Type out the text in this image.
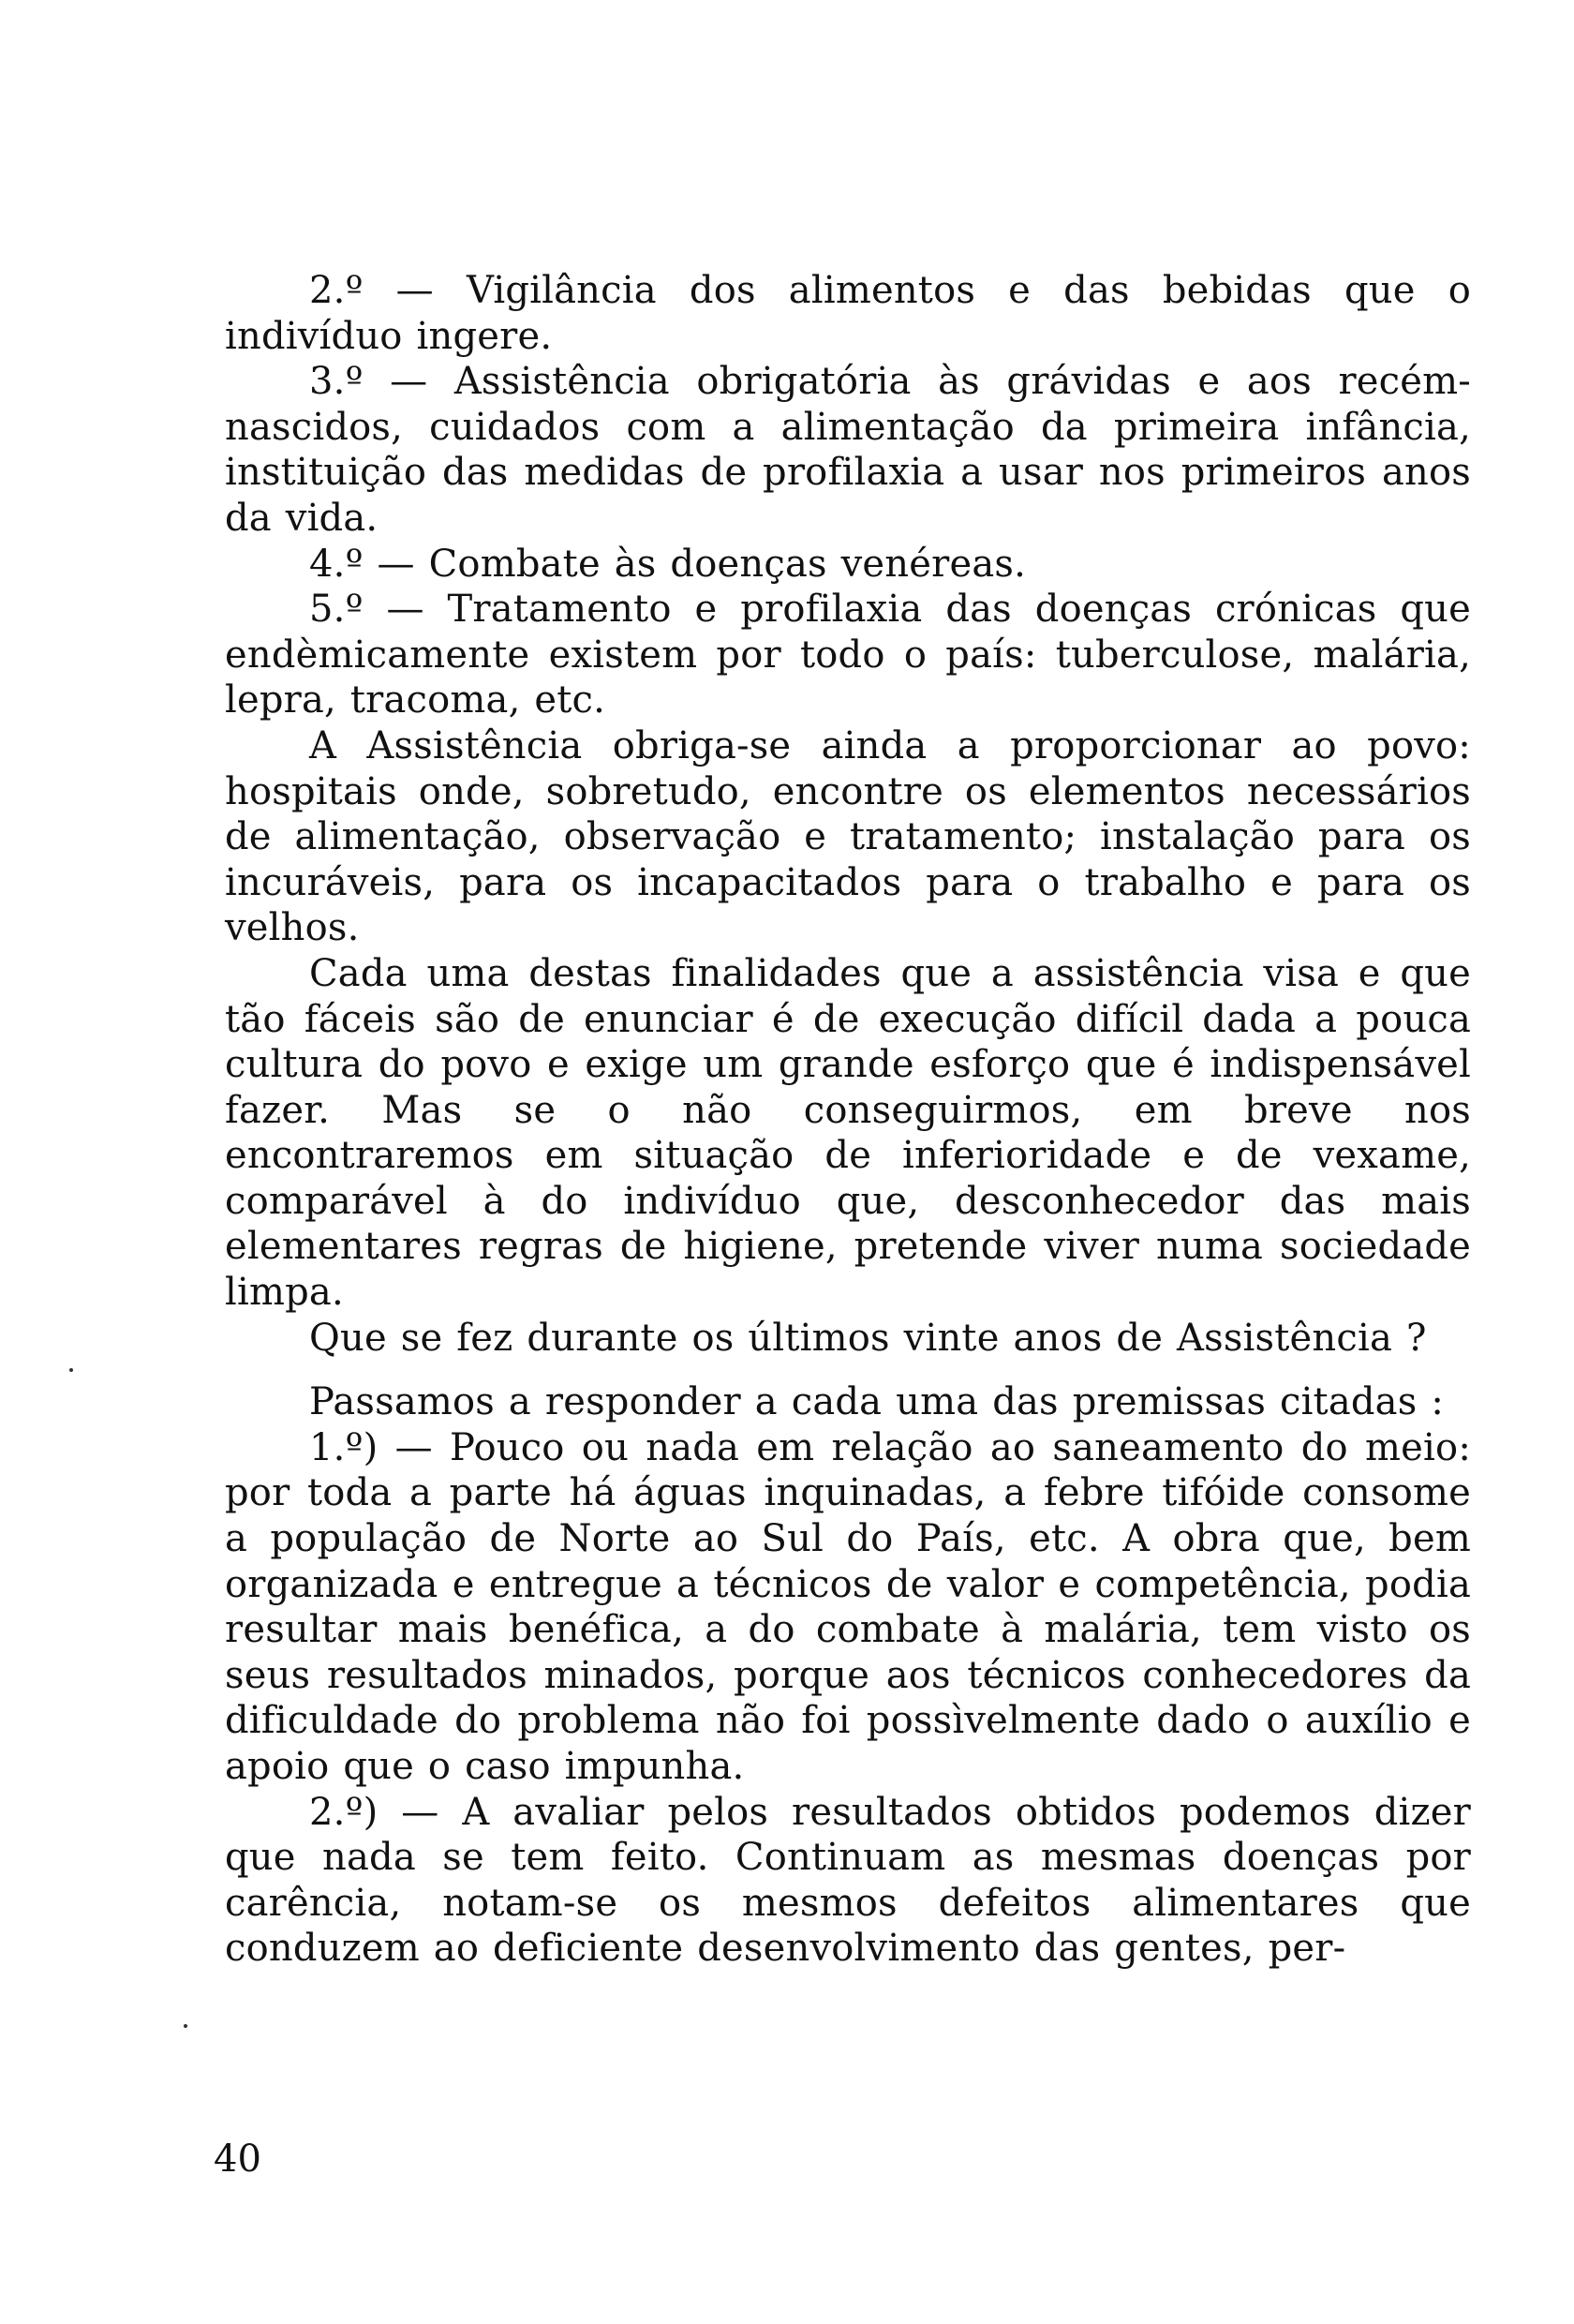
2.º — Vigilância dos alimentos e das bebidas que o indivíduo ingere.

3.º — Assistência obrigatória às grávidas e aos recém-nascidos, cuidados com a alimentação da primeira infância, instituição das medidas de profilaxia a usar nos primeiros anos da vida.

4.º — Combate às doenças venéreas.

5.º — Tratamento e profilaxia das doenças crónicas que endèmicamente existem por todo o país: tuberculose, malária, lepra, tracoma, etc.

A Assistência obriga-se ainda a proporcionar ao povo: hospitais onde, sobretudo, encontre os elementos necessários de alimentação, observação e tratamento; instalação para os incuráveis, para os incapacitados para o trabalho e para os velhos.

Cada uma destas finalidades que a assistência visa e que tão fáceis são de enunciar é de execução difícil dada a pouca cultura do povo e exige um grande esforço que é indispensável fazer. Mas se o não conseguirmos, em breve nos encontraremos em situação de inferioridade e de vexame, comparável à do indivíduo que, desconhecedor das mais elementares regras de higiene, pretende viver numa sociedade limpa.

Que se fez durante os últimos vinte anos de Assistência ?

Passamos a responder a cada uma das premissas citadas :

1.º) — Pouco ou nada em relação ao saneamento do meio: por toda a parte há águas inquinadas, a febre tifóide consome a população de Norte ao Sul do País, etc. A obra que, bem organizada e entregue a técnicos de valor e competência, podia resultar mais benéfica, a do combate à malária, tem visto os seus resultados minados, porque aos técnicos conhecedores da dificuldade do problema não foi possìvelmente dado o auxílio e apoio que o caso impunha.

2.º) — A avaliar pelos resultados obtidos podemos dizer que nada se tem feito. Continuam as mesmas doenças por carência, notam-se os mesmos defeitos alimentares que conduzem ao deficiente desenvolvimento das gentes, per-

40
